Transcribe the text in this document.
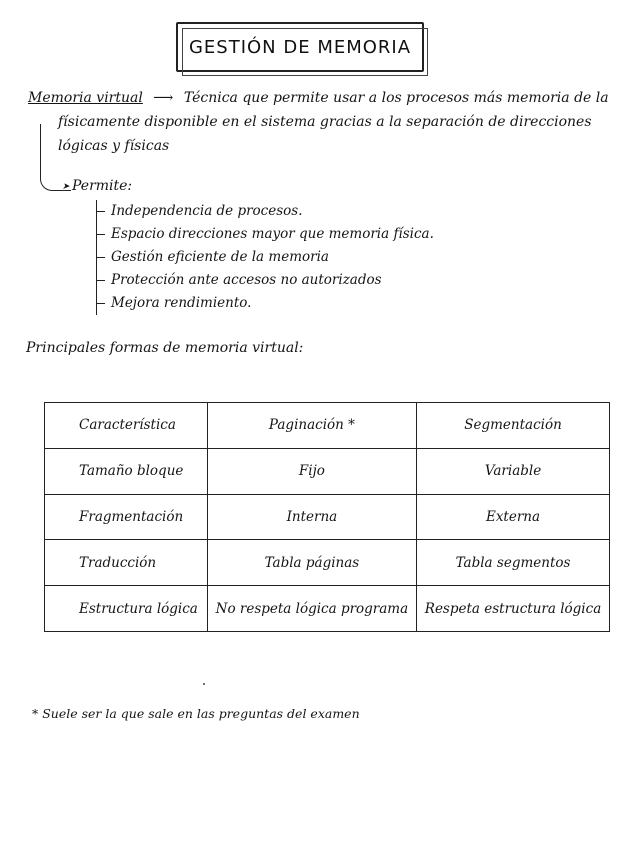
GESTIÓN DE MEMORIA
Memoria virtual ⟶ Técnica que permite usar a los procesos más memoria de la
físicamente disponible en el sistema gracias a la separación de direcciones lógicas y físicas
➤ Permite:
Independencia de procesos.
Espacio direcciones mayor que memoria física.
Gestión eficiente de la memoria
Protección ante accesos no autorizados
Mejora rendimiento.
Principales formas de memoria virtual:
Característica	Paginación *	Segmentación
Tamaño bloque	Fijo	Variable
Fragmentación	Interna	Externa
Traducción	Tabla páginas	Tabla segmentos
Estructura lógica	No respeta lógica programa	Respeta estructura lógica
* Suele ser la que sale en las preguntas del examen
